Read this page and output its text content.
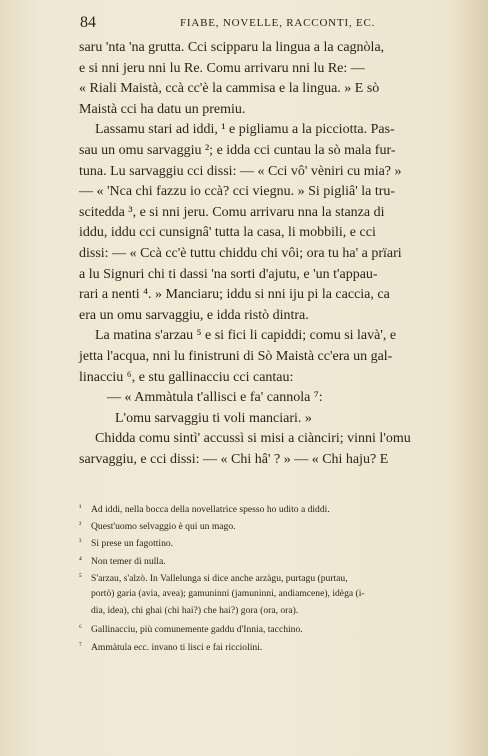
84	FIABE, NOVELLE, RACCONTI, EC.
saru 'nta 'na grutta. Cci scipparu la lingua a la cagnòla,
e si nni jeru nni lu Re. Comu arrivaru nni lu Re: —
« Riali Maistà, ccà cc'è la cammisa e la lingua. » E sò
Maistà cci ha datu un premiu.
Lassamu stari ad iddi, ¹ e pigliamu a la picciotta. Pas-
sau un omu sarvaggiu ²; e idda cci cuntau la sò mala fur-
tuna. Lu sarvaggiu cci dissi: — « Cci vô' vèniri cu mia? »
— « 'Nca chi fazzu io ccà? cci viegnu. » Si pigliâ' la tru-
scitedda ³, e si nni jeru. Comu arrivaru nna la stanza di
iddu, iddu cci cunsignâ' tutta la casa, li mobbili, e cci
dissi: — « Ccà cc'è tuttu chiddu chi vôi; ora tu ha' a prïari
a lu Signuri chi ti dassi 'na sorti d'ajutu, e 'un t'appau-
rari a nenti ⁴. » Manciaru; iddu si nni iju pi la caccia, ca
era un omu sarvaggiu, e idda ristò dintra.
La matina s'arzau ⁵ e si fici li capiddi; comu si lavà', e
jetta l'acqua, nni lu finistruni di Sò Maistà cc'era un gal-
linacciu ⁶, e stu gallinacciu cci cantau:
— « Ammàtula t'allisci e fa' cannola ⁷:
L'omu sarvaggiu ti voli manciari. »
Chidda comu sintì' accussì si misi a ciànciri; vinni l'omu
sarvaggiu, e cci dissi: — « Chi hâ' ? » — « Chi haju? E
¹ Ad iddi, nella bocca della novellatrice spesso ho udito a diddi.
² Quest'uomo selvaggio è qui un mago.
³ Si prese un fagottino.
⁴ Non temer di nulla.
⁵ S'arzau, s'alzò. In Vallelunga si dice anche arzàgu, purtagu (purtau,
portò) garia (avia, avea); gamuninni (jamuninni, andiamcene), idèga (i-
dia, idea), chi ghai (chi hai?) che hai?) gora (ora, ora).
⁶ Gallinacciu, più comunemente gaddu d'Innia, tacchino.
⁷ Ammàtula ecc. invano ti lisci e fai ricciolini.
